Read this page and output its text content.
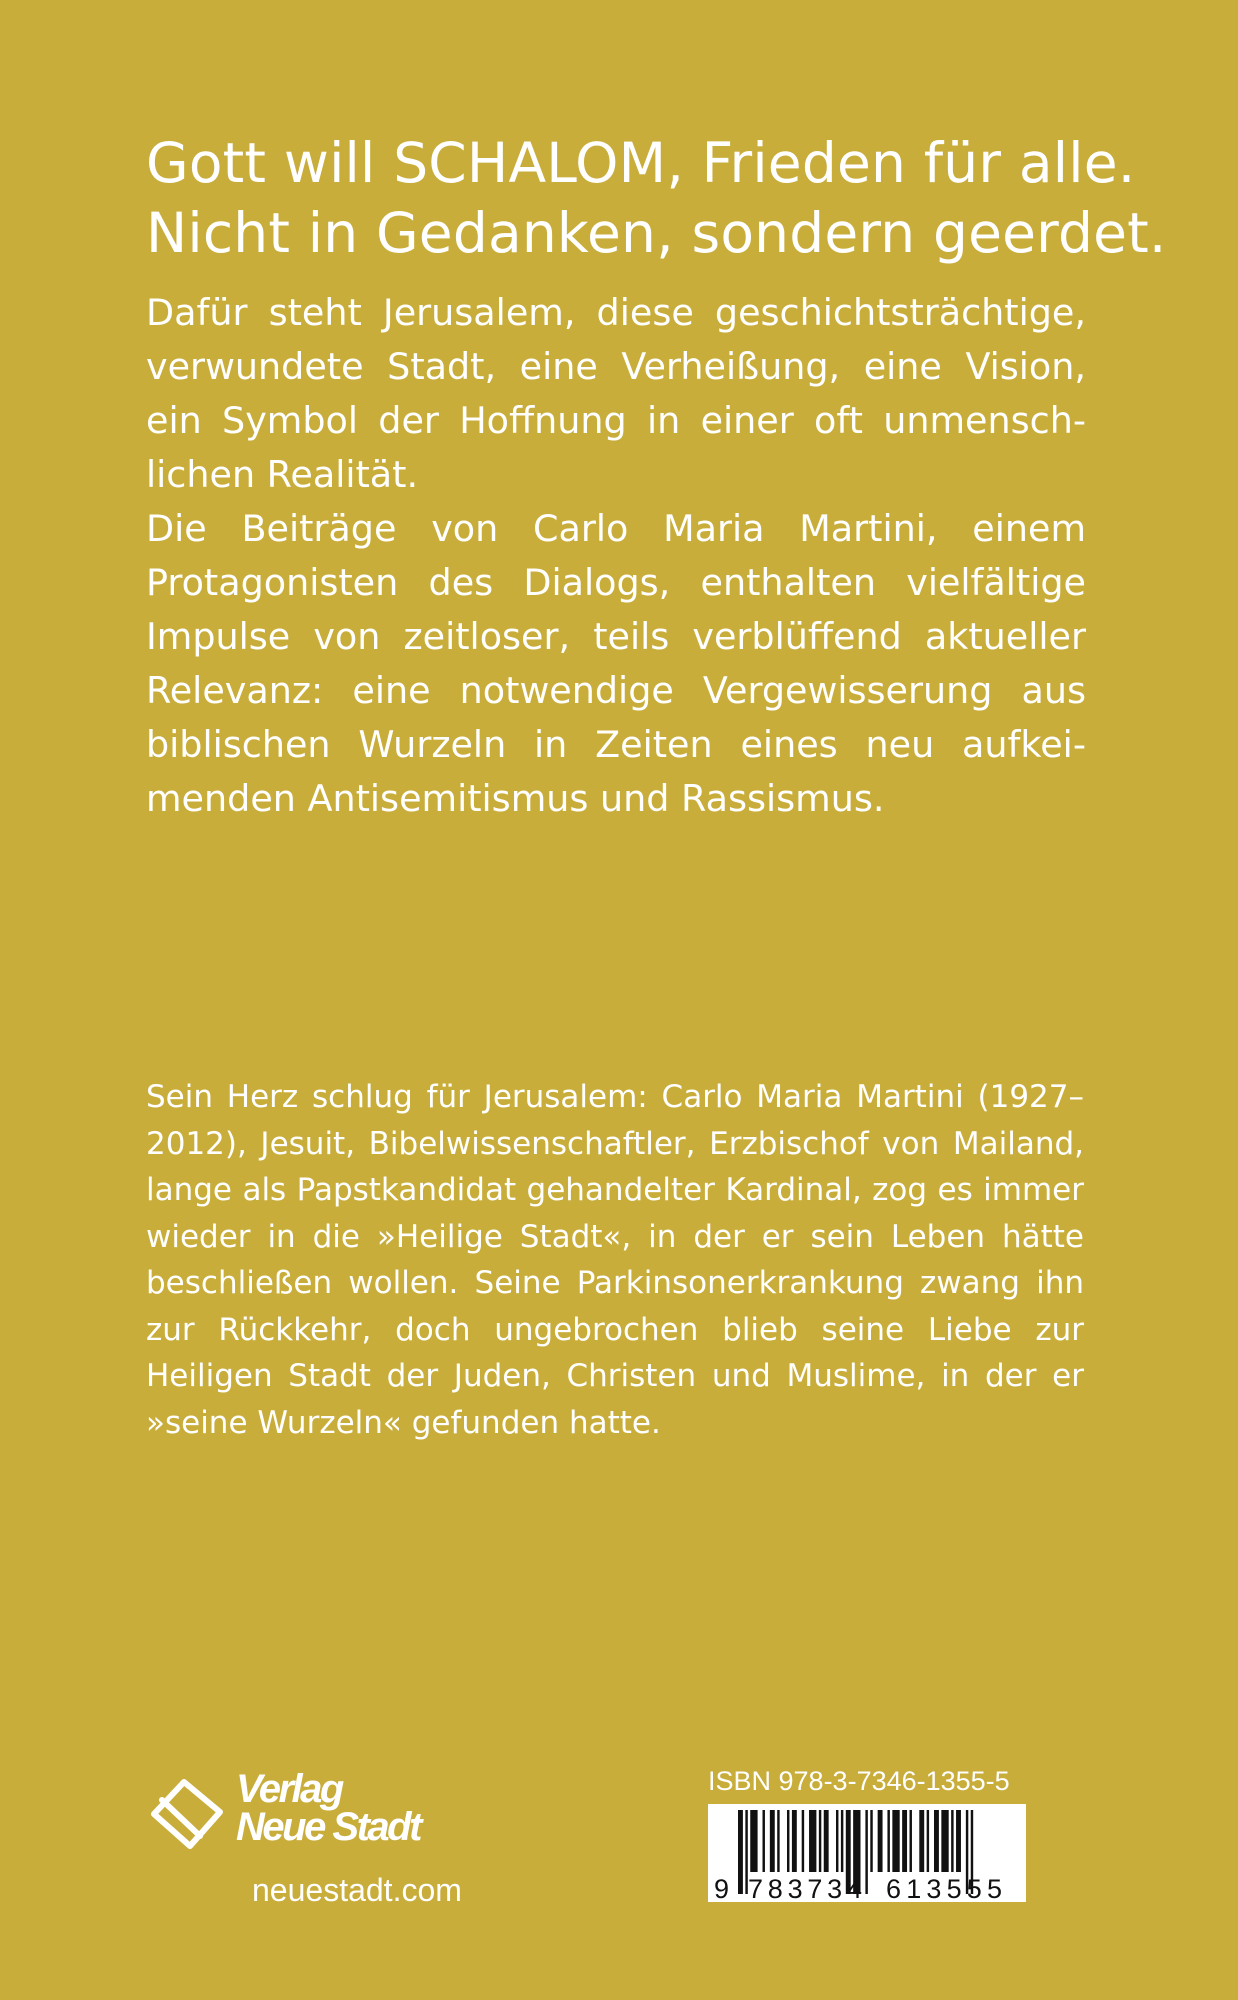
Gott will SCHALOM, Frieden für alle.
Nicht in Gedanken, sondern geerdet.

Dafür steht Jerusalem, diese geschichtsträchtige, verwundete Stadt, eine Verheißung, eine Vision, ein Symbol der Hoffnung in einer oft unmenschlichen Realität.

Die Beiträge von Carlo Maria Martini, einem Protagonisten des Dialogs, enthalten vielfältige Impulse von zeitloser, teils verblüffend aktueller Relevanz: eine notwendige Vergewisserung aus biblischen Wurzeln in Zeiten eines neu aufkeimenden Antisemitismus und Rassismus.

Sein Herz schlug für Jerusalem: Carlo Maria Martini (1927–2012), Jesuit, Bibelwissenschaftler, Erzbischof von Mailand, lange als Papstkandidat gehandelter Kardinal, zog es immer wieder in die »Heilige Stadt«, in der er sein Leben hätte beschließen wollen. Seine Parkinsonerkrankung zwang ihn zur Rückkehr, doch ungebrochen blieb seine Liebe zur Heiligen Stadt der Juden, Christen und Muslime, in der er »seine Wurzeln« gefunden hatte.

Verlag
Neue Stadt
neuestadt.com
ISBN 978-3-7346-1355-5
9 783734 613555
